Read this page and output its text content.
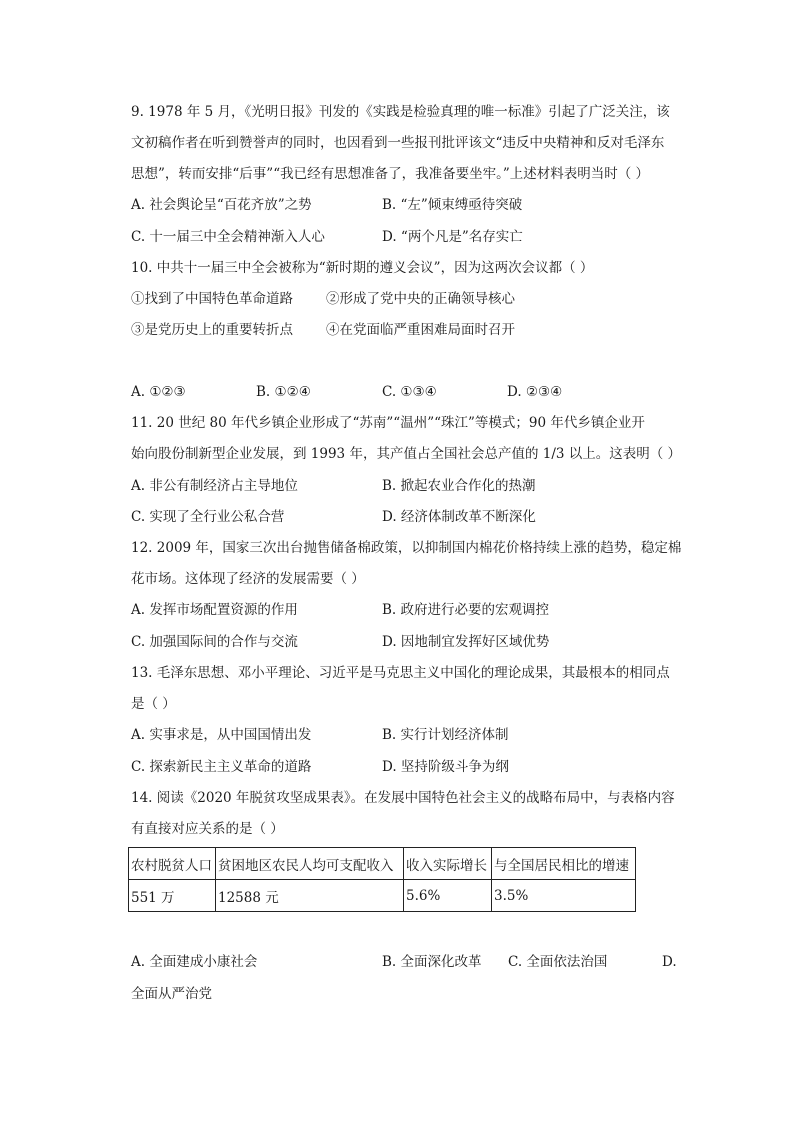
9. 1978 年 5 月，《光明日报》刊发的《实践是检验真理的唯一标准》引起了广泛关注，该
文初稿作者在听到赞誉声的同时，也因看到一些报刊批评该文“违反中央精神和反对毛泽东
思想”，转而安排“后事”“我已经有思想准备了，我准备要坐牢。”上述材料表明当时（ ）
A. 社会舆论呈“百花齐放”之势	B. “左”倾束缚亟待突破
C. 十一届三中全会精神渐入人心	D. “两个凡是”名存实亡
10. 中共十一届三中全会被称为“新时期的遵义会议”，因为这两次会议都（ ）
①找到了中国特色革命道路 ②形成了党中央的正确领导核心
③是党历史上的重要转折点 ④在党面临严重困难局面时召开
A. ①②③	B. ①②④	C. ①③④	D. ②③④
11. 20 世纪 80 年代乡镇企业形成了“苏南”“温州”“珠江”等模式；90 年代乡镇企业开
始向股份制新型企业发展，到 1993 年，其产值占全国社会总产值的 1/3 以上。这表明（ ）
A. 非公有制经济占主导地位	B. 掀起农业合作化的热潮
C. 实现了全行业公私合营	D. 经济体制改革不断深化
12. 2009 年，国家三次出台抛售储备棉政策，以抑制国内棉花价格持续上涨的趋势，稳定棉
花市场。这体现了经济的发展需要（ ）
A. 发挥市场配置资源的作用	B. 政府进行必要的宏观调控
C. 加强国际间的合作与交流	D. 因地制宜发挥好区域优势
13. 毛泽东思想、邓小平理论、习近平是马克思主义中国化的理论成果，其最根本的相同点
是（ ）
A. 实事求是，从中国国情出发	B. 实行计划经济体制
C. 探索新民主主义革命的道路	D. 坚持阶级斗争为纲
14. 阅读《2020 年脱贫攻坚成果表》。在发展中国特色社会主义的战略布局中，与表格内容
有直接对应关系的是（ ）
农村脱贫人口	贫困地区农民人均可支配收入	收入实际增长	与全国居民相比的增速
551 万	12588 元	5.6%	3.5%
A. 全面建成小康社会	B. 全面深化改革 C. 全面依法治国	D.
全面从严治党
